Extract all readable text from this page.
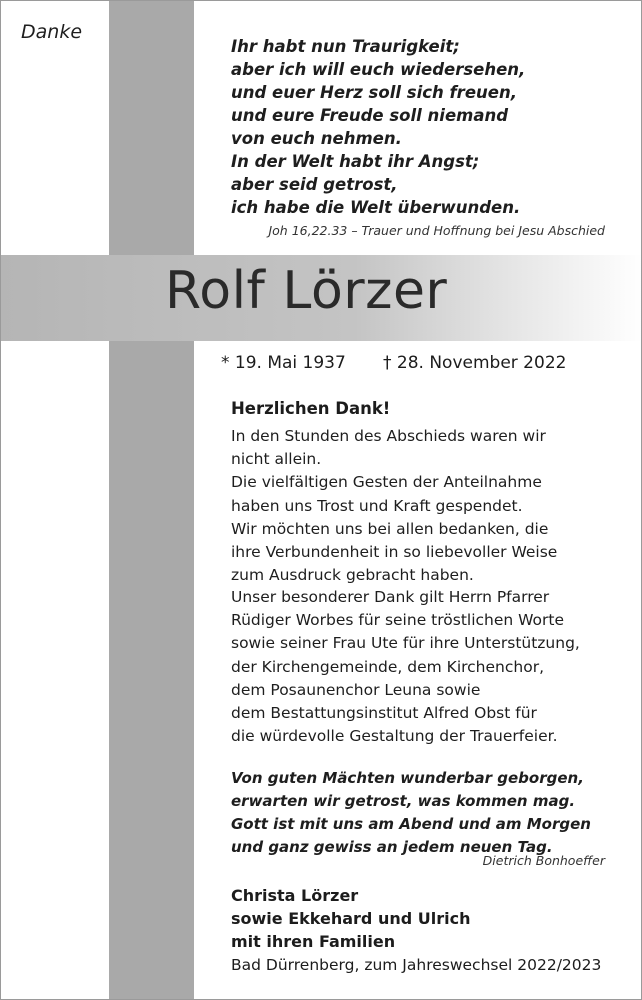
Danke
Ihr habt nun Traurigkeit;
aber ich will euch wiedersehen,
und euer Herz soll sich freuen,
und eure Freude soll niemand
von euch nehmen.
In der Welt habt ihr Angst;
aber seid getrost,
ich habe die Welt überwunden.
Joh 16,22.33 – Trauer und Hoffnung bei Jesu Abschied
Rolf Lörzer
* 19. Mai 1937 † 28. November 2022
Herzlichen Dank!
In den Stunden des Abschieds waren wir
nicht allein.
Die vielfältigen Gesten der Anteilnahme
haben uns Trost und Kraft gespendet.
Wir möchten uns bei allen bedanken, die
ihre Verbundenheit in so liebevoller Weise
zum Ausdruck gebracht haben.
Unser besonderer Dank gilt Herrn Pfarrer
Rüdiger Worbes für seine tröstlichen Worte
sowie seiner Frau Ute für ihre Unterstützung,
der Kirchengemeinde, dem Kirchenchor,
dem Posaunenchor Leuna sowie
dem Bestattungsinstitut Alfred Obst für
die würdevolle Gestaltung der Trauerfeier.
Von guten Mächten wunderbar geborgen,
erwarten wir getrost, was kommen mag.
Gott ist mit uns am Abend und am Morgen
und ganz gewiss an jedem neuen Tag.
Dietrich Bonhoeffer
Christa Lörzer
sowie Ekkehard und Ulrich
mit ihren Familien
Bad Dürrenberg, zum Jahreswechsel 2022/2023
